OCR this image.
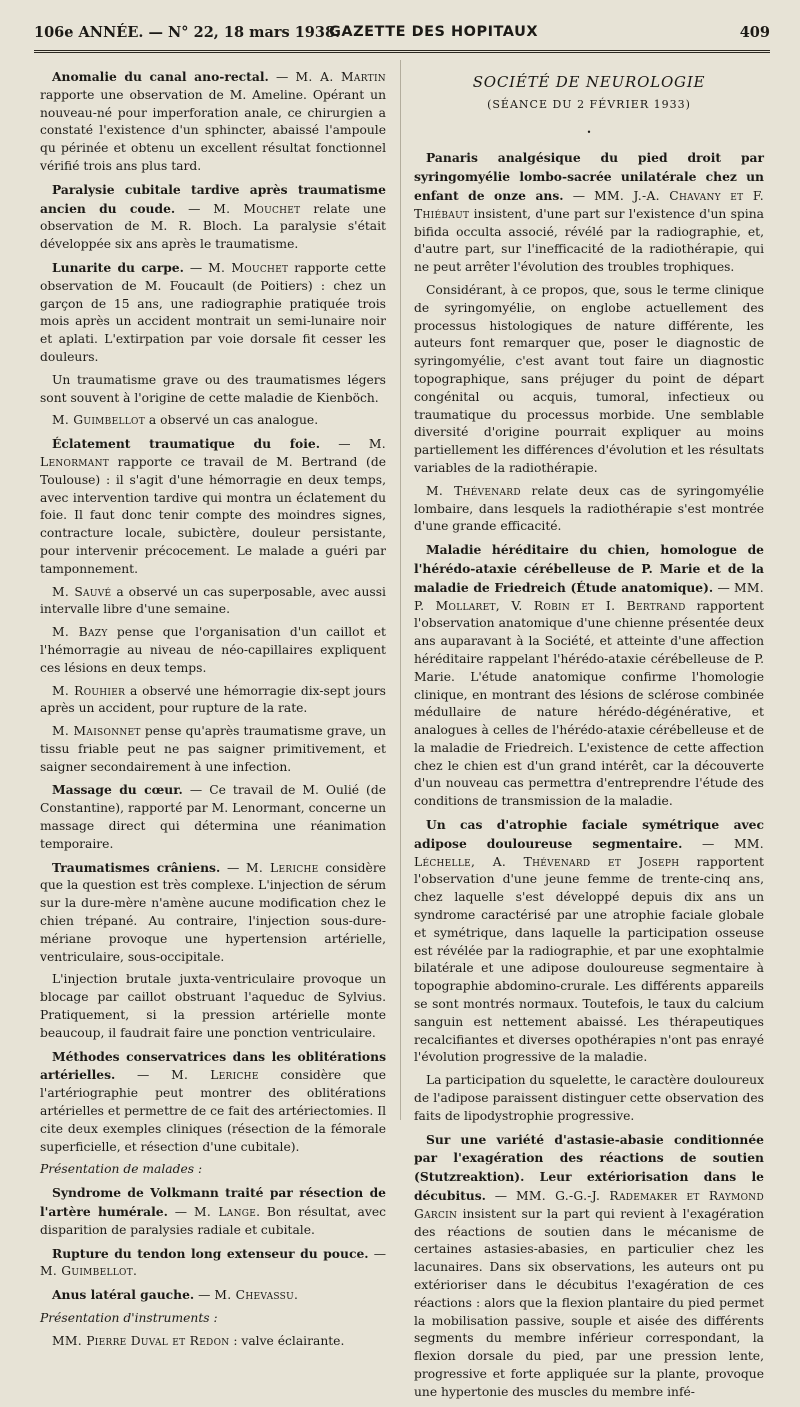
106e ANNÉE. — N° 22, 18 mars 1938.
GAZETTE DES HOPITAUX	409

Anomalie du canal ano-rectal. — M. A. Martin rapporte une observation de M. Ameline. Opérant un nouveau-né pour imperforation anale, ce chirurgien a constaté l'existence d'un sphincter, abaissé l'ampoule qu périnée et obtenu un excellent résultat fonctionnel vérifié trois ans plus tard.

Paralysie cubitale tardive après traumatisme ancien du coude. — M. Mouchet relate une observation de M. R. Bloch. La paralysie s'était développée six ans après le traumatisme.

Lunarite du carpe. — M. Mouchet rapporte cette observation de M. Foucault (de Poitiers) : chez un garçon de 15 ans, une radiographie pratiquée trois mois après un accident montrait un semi-lunaire noir et aplati. L'extirpation par voie dorsale fit cesser les douleurs.

Un traumatisme grave ou des traumatismes légers sont souvent à l'origine de cette maladie de Kienböch.

M. Guimbellot a observé un cas analogue.

Éclatement traumatique du foie. — M. Lenormant rapporte ce travail de M. Bertrand (de Toulouse) : il s'agit d'une hémorragie en deux temps, avec intervention tardive qui montra un éclatement du foie. Il faut donc tenir compte des moindres signes, contracture locale, subictère, douleur persistante, pour intervenir précocement. Le malade a guéri par tamponnement.

M. Sauvé a observé un cas superposable, avec aussi intervalle libre d'une semaine.

M. Bazy pense que l'organisation d'un caillot et l'hémorragie au niveau de néo-capillaires expliquent ces lésions en deux temps.

M. Rouhier a observé une hémorragie dix-sept jours après un accident, pour rupture de la rate.

M. Maisonnet pense qu'après traumatisme grave, un tissu friable peut ne pas saigner primitivement, et saigner secondairement à une infection.

Massage du cœur. — Ce travail de M. Oulié (de Constantine), rapporté par M. Lenormant, concerne un massage direct qui détermina une réanimation temporaire.

Traumatismes crâniens. — M. Leriche considère que la question est très complexe. L'injection de sérum sur la dure-mère n'amène aucune modification chez le chien trépané. Au contraire, l'injection sous-dure-mériane provoque une hypertension artérielle, ventriculaire, sous-occipitale.

L'injection brutale juxta-ventriculaire provoque un blocage par caillot obstruant l'aqueduc de Sylvius. Pratiquement, si la pression artérielle monte beaucoup, il faudrait faire une ponction ventriculaire.

Méthodes conservatrices dans les oblitérations artérielles. — M. Leriche considère que l'artériographie peut montrer des oblitérations artérielles et permettre de ce fait des artériectomies. Il cite deux exemples cliniques (résection de la fémorale superficielle, et résection d'une cubitale).

Présentation de malades :

Syndrome de Volkmann traité par résection de l'artère humérale. — M. Lange. Bon résultat, avec disparition de paralysies radiale et cubitale.

Rupture du tendon long extenseur du pouce. — M. Guimbellot.

Anus latéral gauche. — M. Chevassu.

Présentation d'instruments :

MM. Pierre Duval et Redon : valve éclairante.

SOCIÉTÉ DE NEUROLOGIE
(SÉANCE DU 2 FÉVRIER 1933)
•

Panaris analgésique du pied droit par syringomyélie lombo-sacrée unilatérale chez un enfant de onze ans. — MM. J.-A. Chavany et F. Thiébaut insistent, d'une part sur l'existence d'un spina bifida occulta associé, révélé par la radiographie, et, d'autre part, sur l'inefficacité de la radiothérapie, qui ne peut arrêter l'évolution des troubles trophiques.

Considérant, à ce propos, que, sous le terme clinique de syringomyélie, on englobe actuellement des processus histologiques de nature différente, les auteurs font remarquer que, poser le diagnostic de syringomyélie, c'est avant tout faire un diagnostic topographique, sans préjuger du point de départ congénital ou acquis, tumoral, infectieux ou traumatique du processus morbide. Une semblable diversité d'origine pourrait expliquer au moins partiellement les différences d'évolution et les résultats variables de la radiothérapie.

M. Thévenard relate deux cas de syringomyélie lombaire, dans lesquels la radiothérapie s'est montrée d'une grande efficacité.

Maladie héréditaire du chien, homologue de l'hérédo-ataxie cérébelleuse de P. Marie et de la maladie de Friedreich (Étude anatomique). — MM. P. Mollaret, V. Robin et I. Bertrand rapportent l'observation anatomique d'une chienne présentée deux ans auparavant à la Société, et atteinte d'une affection héréditaire rappelant l'hérédo-ataxie cérébelleuse de P. Marie. L'étude anatomique confirme l'homologie clinique, en montrant des lésions de sclérose combinée médullaire de nature hérédo-dégénérative, et analogues à celles de l'hérédo-ataxie cérébelleuse et de la maladie de Friedreich. L'existence de cette affection chez le chien est d'un grand intérêt, car la découverte d'un nouveau cas permettra d'entreprendre l'étude des conditions de transmission de la maladie.

Un cas d'atrophie faciale symétrique avec adipose douloureuse segmentaire. — MM. Léchelle, A. Thévenard et Joseph rapportent l'observation d'une jeune femme de trente-cinq ans, chez laquelle s'est développé depuis dix ans un syndrome caractérisé par une atrophie faciale globale et symétrique, dans laquelle la participation osseuse est révélée par la radiographie, et par une exophtalmie bilatérale et une adipose douloureuse segmentaire à topographie abdomino-crurale. Les différents appareils se sont montrés normaux. Toutefois, le taux du calcium sanguin est nettement abaissé. Les thérapeutiques recalcifiantes et diverses opothérapies n'ont pas enrayé l'évolution progressive de la maladie.

La participation du squelette, le caractère douloureux de l'adipose paraissent distinguer cette observation des faits de lipodystrophie progressive.

Sur une variété d'astasie-abasie conditionnée par l'exagération des réactions de soutien (Stutzreaktion). Leur extériorisation dans le décubitus. — MM. G.-G.-J. Rademaker et Raymond Garcin insistent sur la part qui revient à l'exagération des réactions de soutien dans le mécanisme de certaines astasies-abasies, en particulier chez les lacunaires. Dans six observations, les auteurs ont pu extérioriser dans le décubitus l'exagération de ces réactions : alors que la flexion plantaire du pied permet la mobilisation passive, souple et aisée des différents segments du membre inférieur correspondant, la flexion dorsale du pied, par une pression lente, progressive et forte appliquée sur la plante, provoque une hypertonie des muscles du membre infé-
